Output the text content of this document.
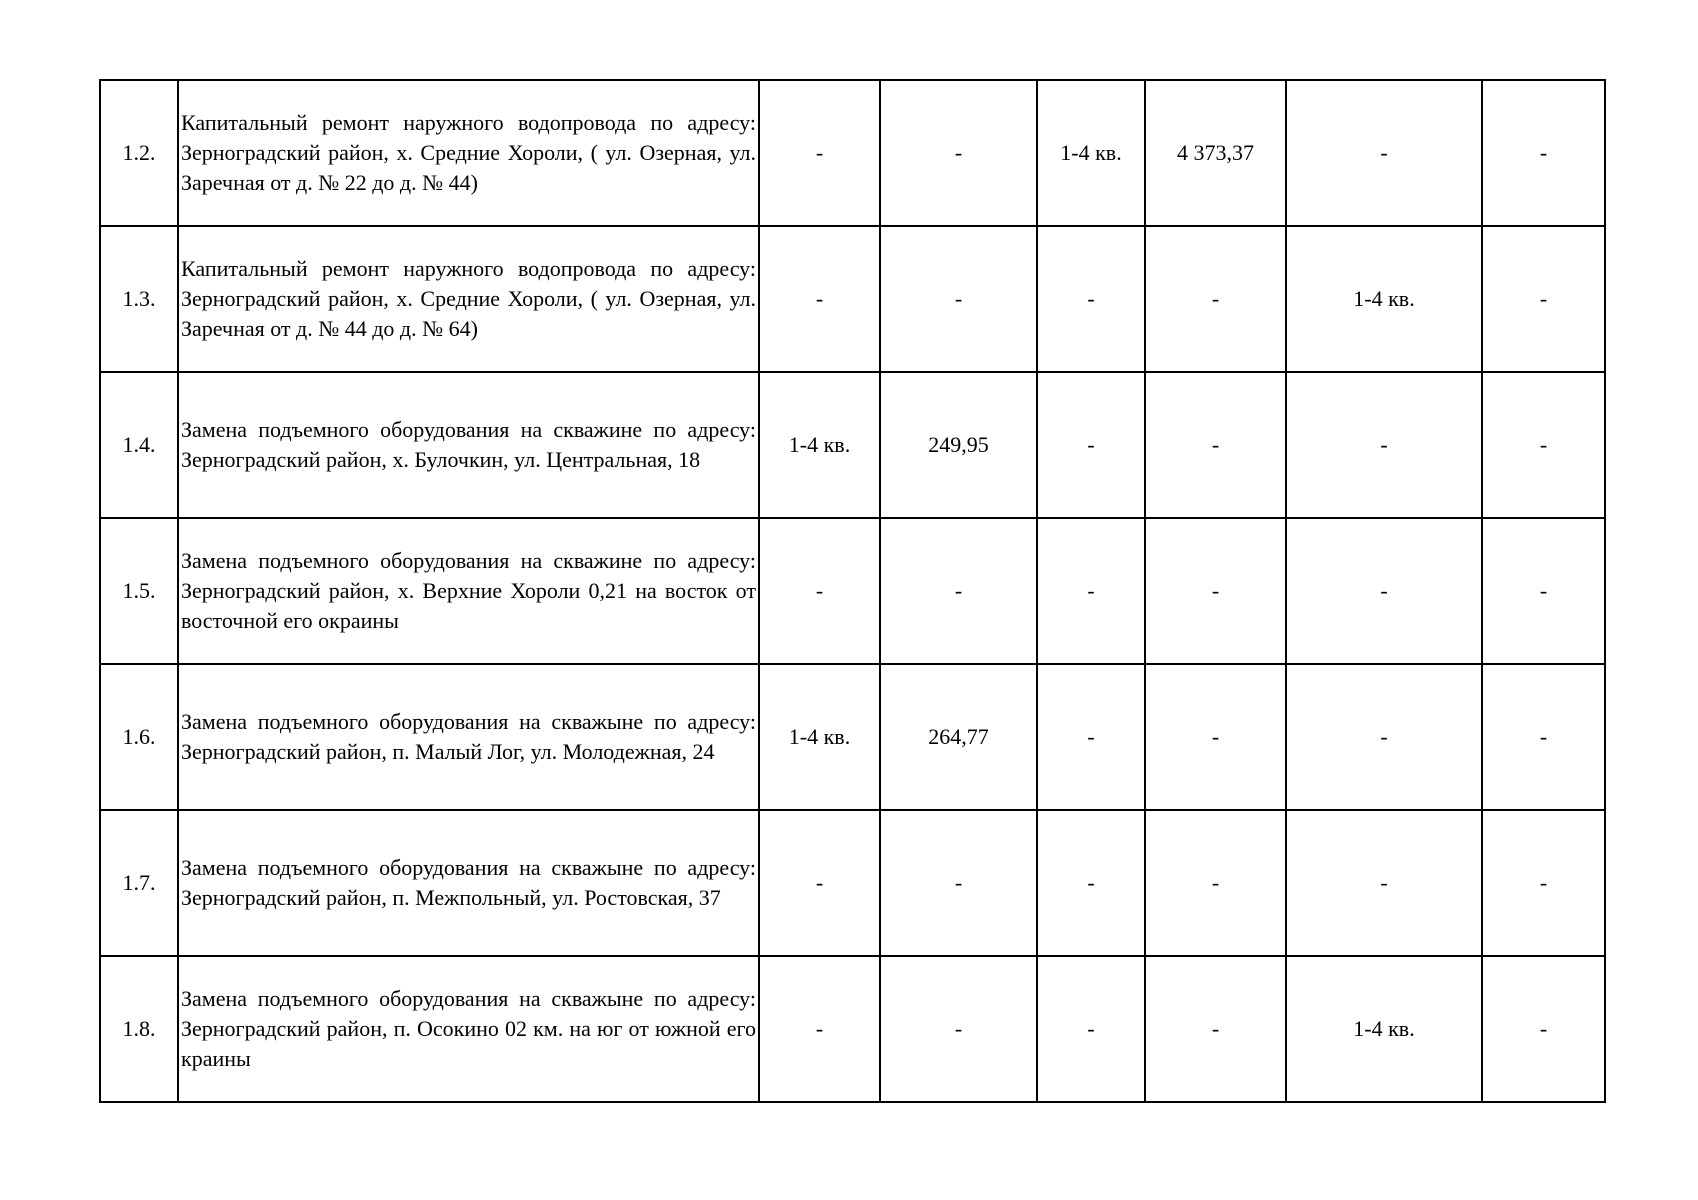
1.2.	Капитальный ремонт наружного водопровода по адресу: Зерноградский район, х. Средние Хороли, ( ул. Озерная, ул. Заречная от д. № 22 до д. № 44)	-	-	1-4 кв.	4 373,37	-	-
1.3.	Капитальный ремонт наружного водопровода по адресу: Зерноградский район, х. Средние Хороли, ( ул. Озерная, ул. Заречная от д. № 44 до д. № 64)	-	-	-	-	1-4 кв.	-
1.4.	Замена подъемного оборудования на скважине по адресу: Зерноградский район, х. Булочкин, ул. Центральная, 18	1-4 кв.	249,95	-	-	-	-
1.5.	Замена подъемного оборудования на скважине по адресу: Зерноградский район, х. Верхние Хороли 0,21 на восток от восточной его окраины	-	-	-	-	-	-
1.6.	Замена подъемного оборудования на скважыне по адресу: Зерноградский район, п. Малый Лог, ул. Молодежная, 24	1-4 кв.	264,77	-	-	-	-
1.7.	Замена подъемного оборудования на скважыне по адресу: Зерноградский район, п. Межпольный, ул. Ростовская, 37	-	-	-	-	-	-
1.8.	Замена подъемного оборудования на скважыне по адресу: Зерноградский район, п. Осокино 02 км. на юг от южной его краины	-	-	-	-	1-4 кв.	-
